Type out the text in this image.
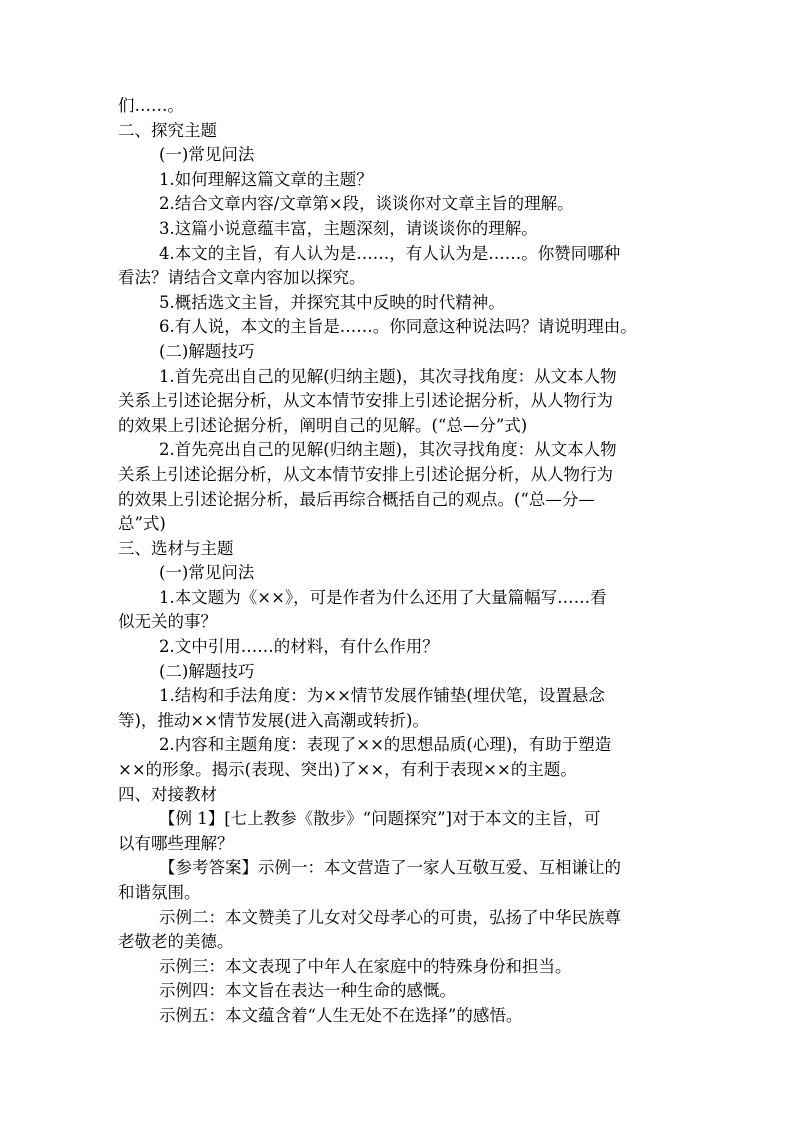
们……。
二、探究主题
(一)常见问法
1.如何理解这篇文章的主题？
2.结合文章内容/文章第×段，谈谈你对文章主旨的理解。
3.这篇小说意蕴丰富，主题深刻，请谈谈你的理解。
4.本文的主旨，有人认为是……，有人认为是……。你赞同哪种
看法？请结合文章内容加以探究。
5.概括选文主旨，并探究其中反映的时代精神。
6.有人说，本文的主旨是……。你同意这种说法吗？请说明理由。
(二)解题技巧
1.首先亮出自己的见解(归纳主题)，其次寻找角度：从文本人物
关系上引述论据分析，从文本情节安排上引述论据分析，从人物行为
的效果上引述论据分析，阐明自己的见解。(“总—分”式)
2.首先亮出自己的见解(归纳主题)，其次寻找角度：从文本人物
关系上引述论据分析，从文本情节安排上引述论据分析，从人物行为
的效果上引述论据分析，最后再综合概括自己的观点。(“总—分—
总”式)
三、选材与主题
(一)常见问法
1.本文题为《××》，可是作者为什么还用了大量篇幅写……看
似无关的事？
2.文中引用……的材料，有什么作用？
(二)解题技巧
1.结构和手法角度：为××情节发展作铺垫(埋伏笔，设置悬念
等)，推动××情节发展(进入高潮或转折)。
2.内容和主题角度：表现了××的思想品质(心理)，有助于塑造
××的形象。揭示(表现、突出)了××，有利于表现××的主题。
四、对接教材
【例 1】[七上教参《散步》“问题探究”]对于本文的主旨，可
以有哪些理解？
【参考答案】示例一：本文营造了一家人互敬互爱、互相谦让的
和谐氛围。
示例二：本文赞美了儿女对父母孝心的可贵，弘扬了中华民族尊
老敬老的美德。
示例三：本文表现了中年人在家庭中的特殊身份和担当。
示例四：本文旨在表达一种生命的感慨。
示例五：本文蕴含着“人生无处不在选择”的感悟。
